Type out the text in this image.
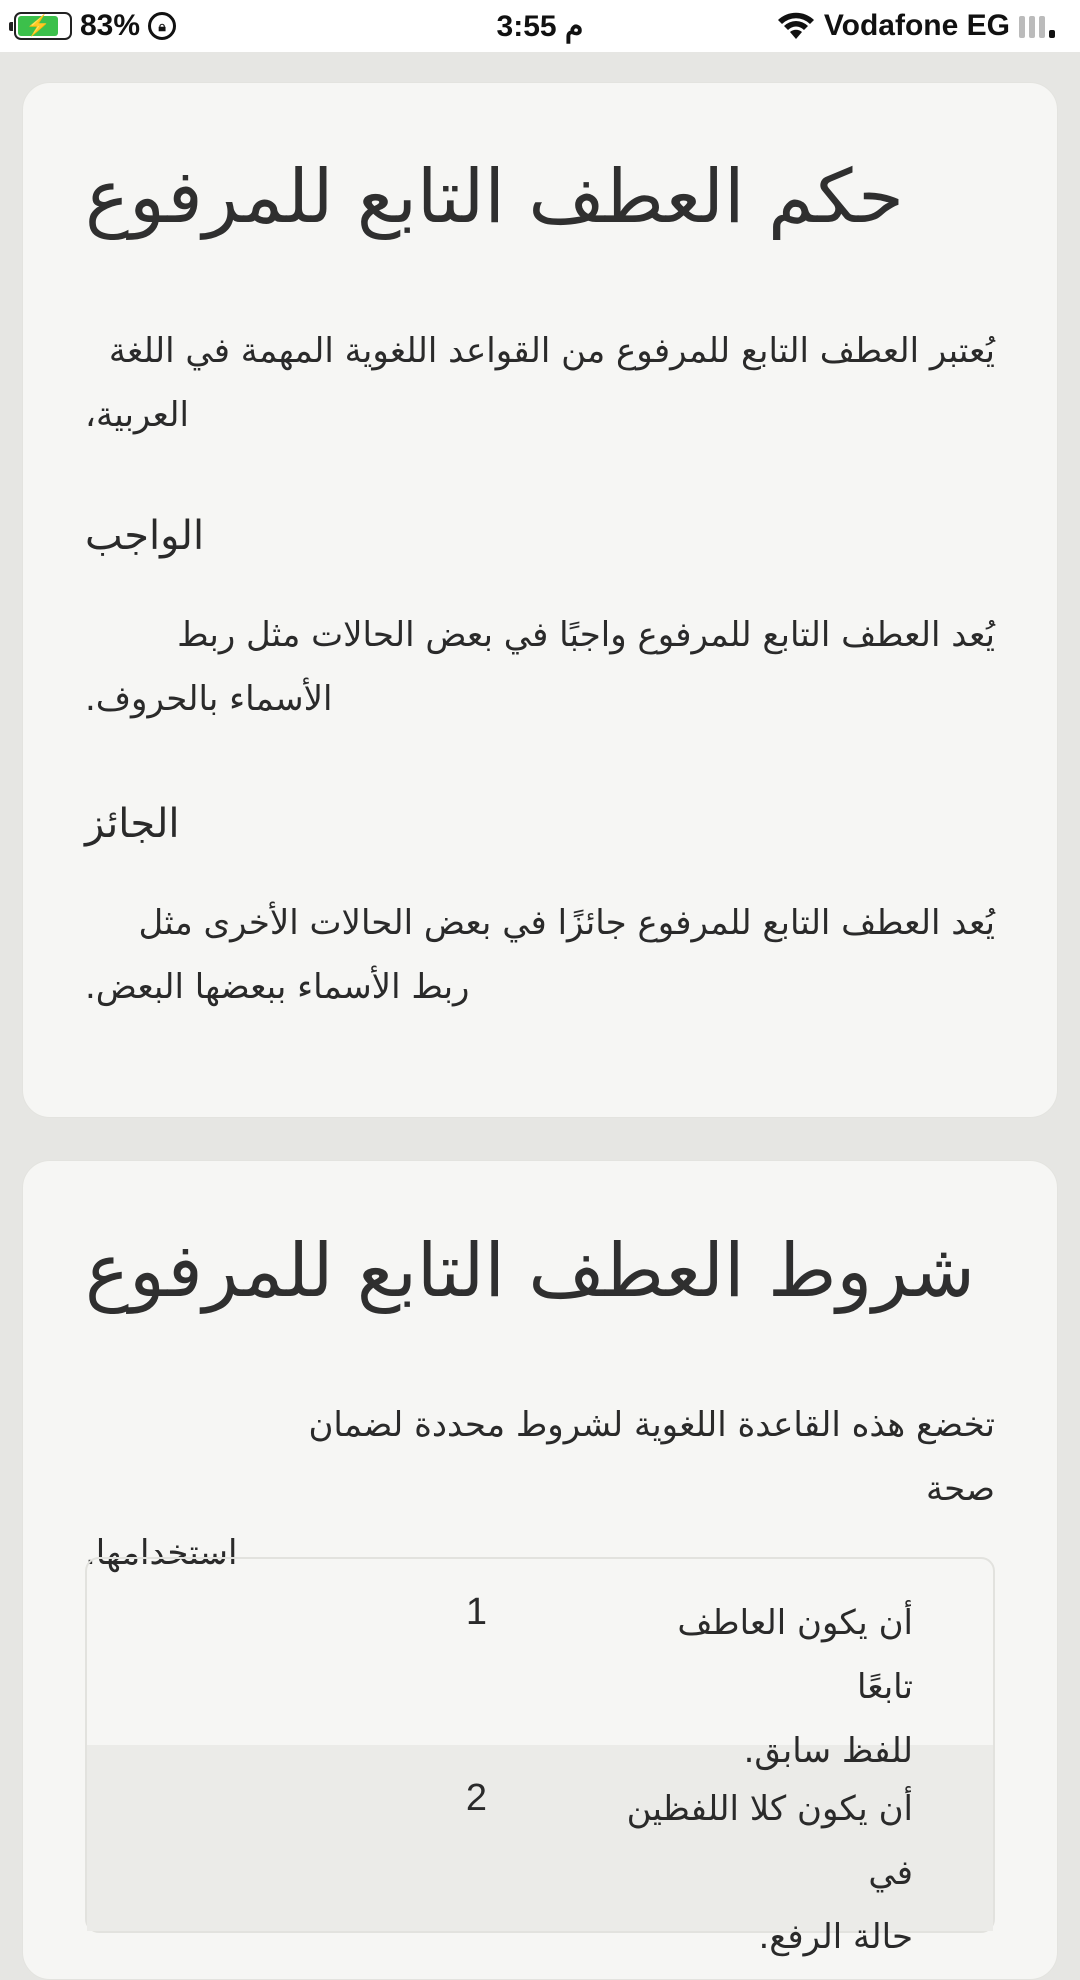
⚡ 83%	🔒︎	3:55 م	Vodafone EG
حكم العطف التابع للمرفوع
يُعتبر العطف التابع للمرفوع من القواعد اللغوية المهمة في اللغة
العربية،
الواجب
يُعد العطف التابع للمرفوع واجبًا في بعض الحالات مثل ربط
الأسماء بالحروف.
الجائز
يُعد العطف التابع للمرفوع جائزًا في بعض الحالات الأخرى مثل
ربط الأسماء ببعضها البعض.
شروط العطف التابع للمرفوع
تخضع هذه القاعدة اللغوية لشروط محددة لضمان صحة
استخدامها.
1	أن يكون العاطف تابعًا
للفظ سابق.
2	أن يكون كلا اللفظين في
حالة الرفع.
